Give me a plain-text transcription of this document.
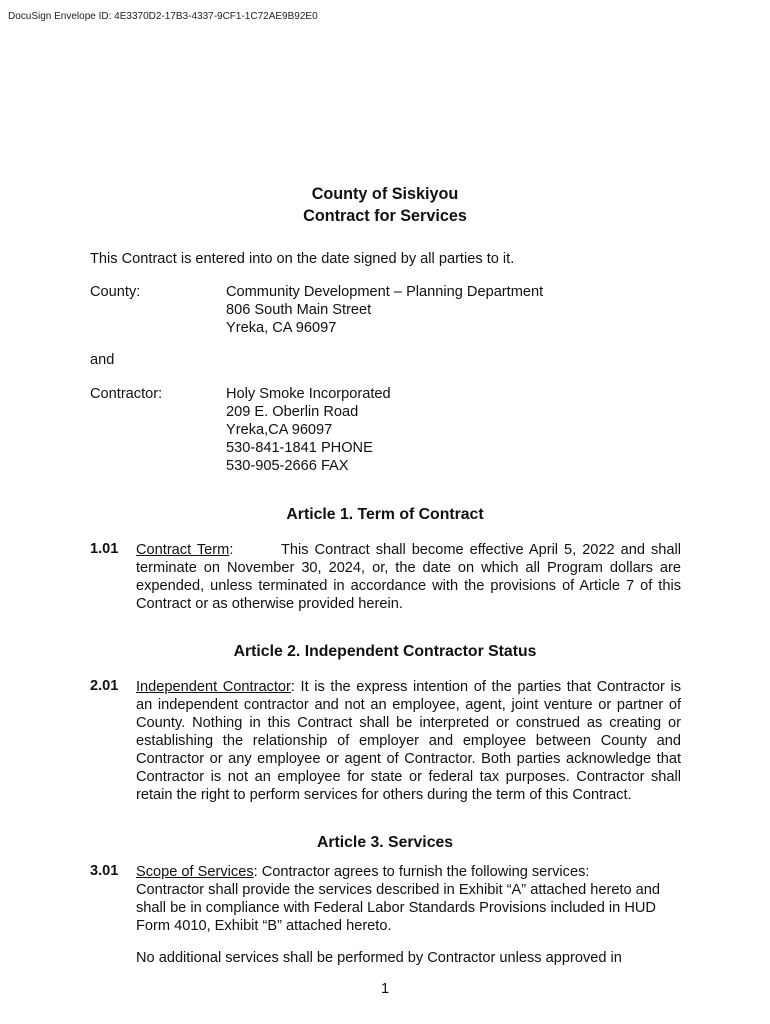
DocuSign Envelope ID: 4E3370D2-17B3-4337-9CF1-1C72AE9B92E0
County of Siskiyou
Contract for Services
This Contract is entered into on the date signed by all parties to it.
County:	Community Development – Planning Department
806 South Main Street
Yreka, CA 96097
and
Contractor:	Holy Smoke Incorporated
209 E. Oberlin Road
Yreka,CA 96097
530-841-1841 PHONE
530-905-2666 FAX
Article 1. Term of Contract
1.01 Contract Term:        This Contract shall become effective April 5, 2022 and shall terminate on November 30, 2024, or, the date on which all Program dollars are expended, unless terminated in accordance with the provisions of Article 7 of this Contract or as otherwise provided herein.
Article 2. Independent Contractor Status
2.01 Independent Contractor: It is the express intention of the parties that Contractor is an independent contractor and not an employee, agent, joint venture or partner of County. Nothing in this Contract shall be interpreted or construed as creating or establishing the relationship of employer and employee between County and Contractor or any employee or agent of Contractor. Both parties acknowledge that Contractor is not an employee for state or federal tax purposes. Contractor shall retain the right to perform services for others during the term of this Contract.
Article 3. Services
3.01 Scope of Services: Contractor agrees to furnish the following services:
Contractor shall provide the services described in Exhibit “A” attached hereto and shall be in compliance with Federal Labor Standards Provisions included in HUD Form 4010, Exhibit “B” attached hereto.
No additional services shall be performed by Contractor unless approved in
1
